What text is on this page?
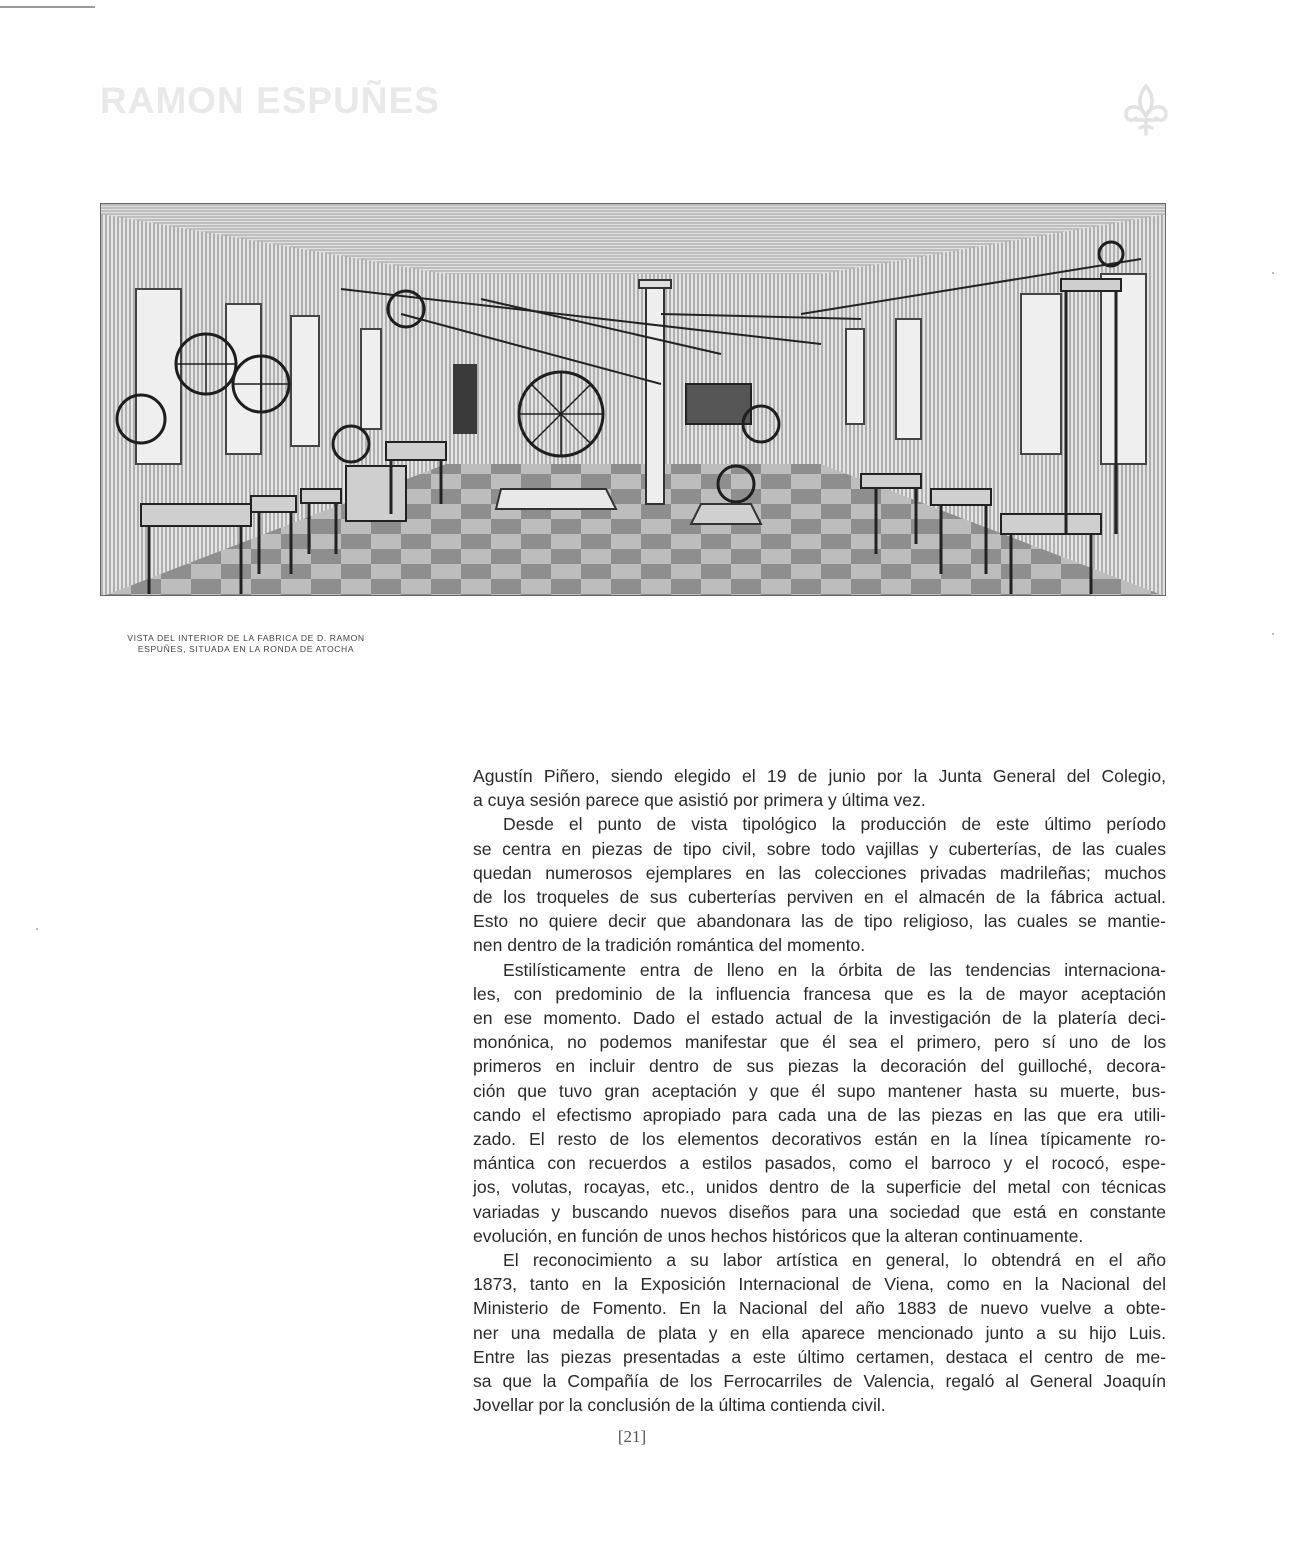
RAMON ESPUÑES
VISTA DEL INTERIOR DE LA FABRICA DE D. RAMON
ESPUÑES, SITUADA EN LA RONDA DE ATOCHA
Agustín Piñero, siendo elegido el 19 de junio por la Junta General del Colegio,
a cuya sesión parece que asistió por primera y última vez.
Desde el punto de vista tipológico la producción de este último período
se centra en piezas de tipo civil, sobre todo vajillas y cuberterías, de las cuales
quedan numerosos ejemplares en las colecciones privadas madrileñas; muchos
de los troqueles de sus cuberterías perviven en el almacén de la fábrica actual.
Esto no quiere decir que abandonara las de tipo religioso, las cuales se mantie-
nen dentro de la tradición romántica del momento.
Estilísticamente entra de lleno en la órbita de las tendencias internaciona-
les, con predominio de la influencia francesa que es la de mayor aceptación
en ese momento. Dado el estado actual de la investigación de la platería deci-
monónica, no podemos manifestar que él sea el primero, pero sí uno de los
primeros en incluir dentro de sus piezas la decoración del guilloché, decora-
ción que tuvo gran aceptación y que él supo mantener hasta su muerte, bus-
cando el efectismo apropiado para cada una de las piezas en las que era utili-
zado. El resto de los elementos decorativos están en la línea típicamente ro-
mántica con recuerdos a estilos pasados, como el barroco y el rococó, espe-
jos, volutas, rocayas, etc., unidos dentro de la superficie del metal con técnicas
variadas y buscando nuevos diseños para una sociedad que está en constante
evolución, en función de unos hechos históricos que la alteran continuamente.
El reconocimiento a su labor artística en general, lo obtendrá en el año
1873, tanto en la Exposición Internacional de Viena, como en la Nacional del
Ministerio de Fomento. En la Nacional del año 1883 de nuevo vuelve a obte-
ner una medalla de plata y en ella aparece mencionado junto a su hijo Luis.
Entre las piezas presentadas a este último certamen, destaca el centro de me-
sa que la Compañía de los Ferrocarriles de Valencia, regaló al General Joaquín
Jovellar por la conclusión de la última contienda civil.
[21]
